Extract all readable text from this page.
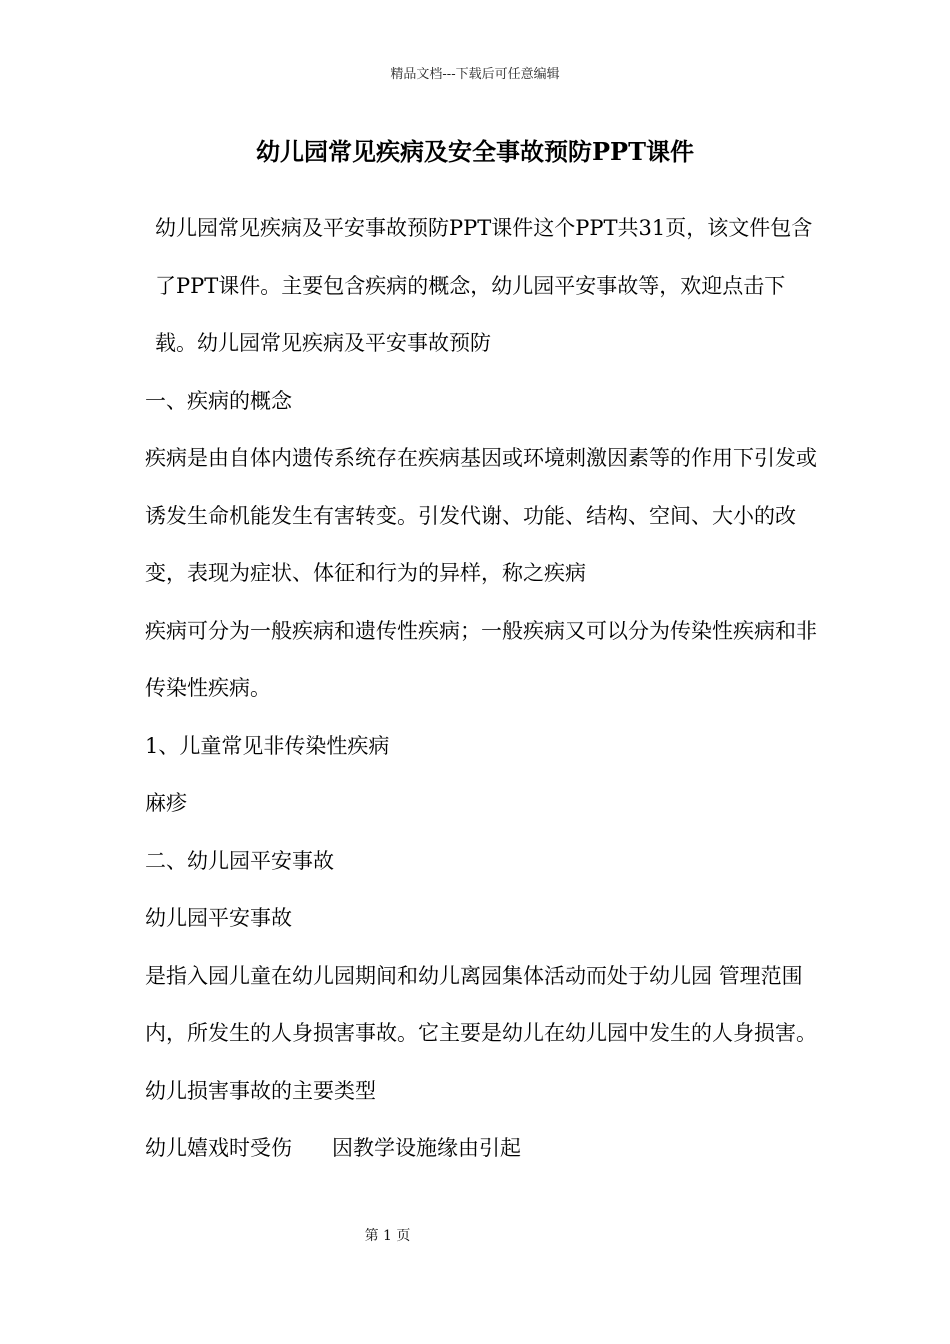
精品文档---下载后可任意编辑
幼儿园常见疾病及安全事故预防PPT课件

幼儿园常见疾病及平安事故预防PPT课件这个PPT共31页，该文件包含了PPT课件。主要包含疾病的概念，幼儿园平安事故等，欢迎点击下载。幼儿园常见疾病及平安事故预防

一、疾病的概念

疾病是由自体内遗传系统存在疾病基因或环境刺激因素等的作用下引发或诱发生命机能发生有害转变。引发代谢、功能、结构、空间、大小的改变，表现为症状、体征和行为的异样，称之疾病

疾病可分为一般疾病和遗传性疾病；一般疾病又可以分为传染性疾病和非传染性疾病。

1、儿童常见非传染性疾病

麻疹

二、幼儿园平安事故

幼儿园平安事故

是指入园儿童在幼儿园期间和幼儿离园集体活动而处于幼儿园 管理范围内，所发生的人身损害事故。它主要是幼儿在幼儿园中发生的人身损害。

幼儿损害事故的主要类型

幼儿嬉戏时受伤      因教学设施缘由引起

第 1 页
